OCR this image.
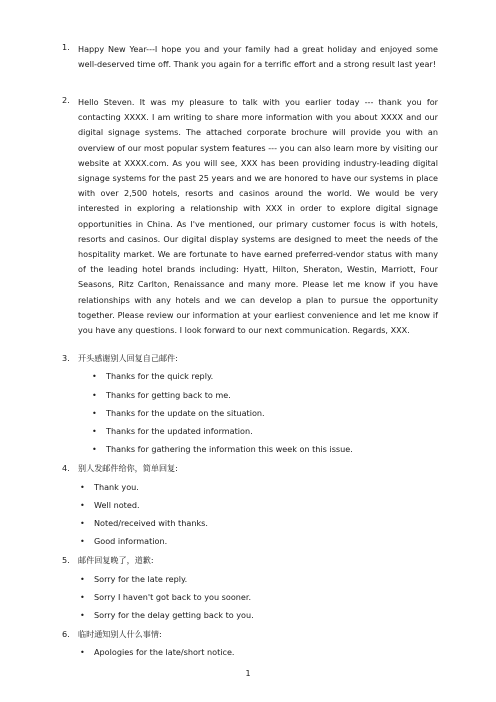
1. Happy New Year---I hope you and your family had a great holiday and enjoyed some well-deserved time off. Thank you again for a terrific effort and a strong result last year!
2. Hello Steven. It was my pleasure to talk with you earlier today --- thank you for contacting XXXX. I am writing to share more information with you about XXXX and our digital signage systems. The attached corporate brochure will provide you with an overview of our most popular system features --- you can also learn more by visiting our website at XXXX.com. As you will see, XXX has been providing industry-leading digital signage systems for the past 25 years and we are honored to have our systems in place with over 2,500 hotels, resorts and casinos around the world. We would be very interested in exploring a relationship with XXX in order to explore digital signage opportunities in China. As I've mentioned, our primary customer focus is with hotels, resorts and casinos. Our digital display systems are designed to meet the needs of the hospitality market. We are fortunate to have earned preferred-vendor status with many of the leading hotel brands including: Hyatt, Hilton, Sheraton, Westin, Marriott, Four Seasons, Ritz Carlton, Renaissance and many more. Please let me know if you have relationships with any hotels and we can develop a plan to pursue the opportunity together. Please review our information at your earliest convenience and let me know if you have any questions. I look forward to our next communication. Regards, XXX.
3. 开头感谢别人回复自己邮件:
• Thanks for the quick reply.
• Thanks for getting back to me.
• Thanks for the update on the situation.
• Thanks for the updated information.
• Thanks for gathering the information this week on this issue.
4. 别人发邮件给你，简单回复:
• Thank you.
• Well noted.
• Noted/received with thanks.
• Good information.
5. 邮件回复晚了，道歉:
• Sorry for the late reply.
• Sorry I haven't got back to you sooner.
• Sorry for the delay getting back to you.
6. 临时通知别人什么事情:
• Apologies for the late/short notice.
1
